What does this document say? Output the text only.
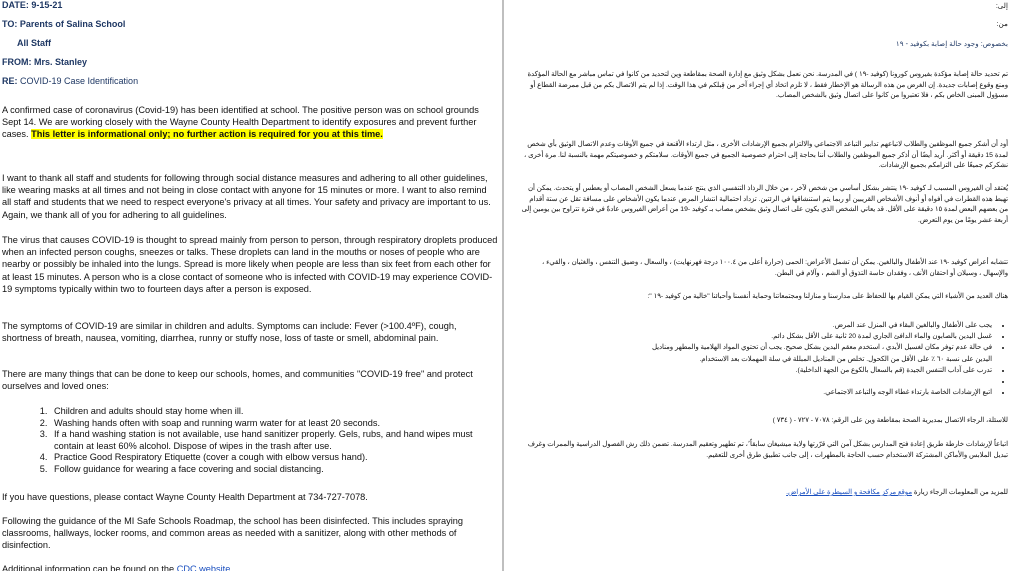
DATE: 9-15-21
TO: Parents of Salina School
All Staff
FROM: Mrs. Stanley
RE: COVID-19 Case Identification
A confirmed case of coronavirus (Covid-19) has been identified at school. The positive person was on school grounds Sept 14. We are working closely with the Wayne County Health Department to identify exposures and prevent further cases. This letter is informational only; no further action is required for you at this time.
I want to thank all staff and students for following through social distance measures and adhering to all other guidelines, like wearing masks at all times and not being in close contact with anyone for 15 minutes or more. I want to also remind all staff and students that we need to respect everyone's privacy at all times. Your safety and privacy are important to us. Again, we thank all of you for adhering to all guidelines.
The virus that causes COVID-19 is thought to spread mainly from person to person, through respiratory droplets produced when an infected person coughs, sneezes or talks. These droplets can land in the mouths or noses of people who are nearby or possibly be inhaled into the lungs. Spread is more likely when people are less than six feet from each other for at least 15 minutes. A person who is a close contact of someone who is infected with COVID-19 may experience COVID-19 symptoms typically within two to fourteen days after a person is exposed.
The symptoms of COVID-19 are similar in children and adults. Symptoms can include: Fever (>100.4ºF), cough, shortness of breath, nausea, vomiting, diarrhea, runny or stuffy nose, loss of taste or smell, abdominal pain.
There are many things that can be done to keep our schools, homes, and communities "COVID-19 free" and protect ourselves and loved ones:
1. Children and adults should stay home when ill.
2. Washing hands often with soap and running warm water for at least 20 seconds.
3. If a hand washing station is not available, use hand sanitizer properly. Gels, rubs, and hand wipes must contain at least 60% alcohol. Dispose of wipes in the trash after use.
4. Practice Good Respiratory Etiquette (cover a cough with elbow versus hand).
5. Follow guidance for wearing a face covering and social distancing.
If you have questions, please contact Wayne County Health Department at 734-727-7078.
Following the guidance of the MI Safe Schools Roadmap, the school has been disinfected. This includes spraying classrooms, hallways, locker rooms, and common areas as needed with a sanitizer, along with other methods of disinfection.
Additional information can be found on the CDC website
إلى:
من:
بخصوص: وجود حالة إصابة بكوفيد - ١٩
تم تحديد حالة إصابة مؤكدة بفيروس كورونا (كوفيد -١٩ ) في المدرسة. نحن نعمل بشكل وثيق مع إدارة الصحة بمقاطعة وين لتحديد من كانوا في تماس مباشر مع الحالة المؤكدة ومنع وقوع إصابات جديدة. إن الغرض من هذه الرسالة هو الإخطار فقط ، لا تلزم اتخاذ أي إجراء آخر من قِبلكم في هذا الوقت. إذا لم يتم الاتصال بكم من قبل ممرضة القطاع أو مسؤول المبنى الخاص بكم ، فلا تعتبروا من كانوا على اتصال وثيق بالشخص المصاب.
أود أن أشكر جميع الموظفين والطلاب لاتباعهم تدابير التباعد الاجتماعي والالتزام بجميع الإرشادات الأخرى ، مثل ارتداء الأقنعة في جميع الأوقات وعدم الاتصال الوثيق بأي شخص لمدة 15 دقيقة أو أكثر. أريد أيضًا أن أذكر جميع الموظفين والطلاب أننا بحاجة إلى احترام خصوصية الجميع في جميع الأوقات. سلامتكم و خصوصيتكم مهمة بالنسبة لنا. مرة أخرى ، نشكركم جميعًا على التزامكم بجميع الإرشادات.
يُعتقد أن الفيروس المسبب لـ كوفيد -١٩ ينتشر بشكل أساسي من شخص لآخر ، من خلال الرذاذ التنفسي الذي ينتج عندما يسعل الشخص المصاب أو يعطس أو يتحدث. يمكن أن تهبط هذه القطرات في أفواه أو أنوف الأشخاص القريبين أو ربما يتم استنشاقها في الرئتين. تزداد احتمالية انتشار المرض عندما يكون الأشخاص على مسافة تقل عن ستة أقدام من بعضهم البعض لمدة ١٥ دقيقة على الأقل. قد يعاني الشخص الذي يكون على اتصال وثيق بشخص مصاب بـ كوفيد -19 من أعراض الفيروس عادةً في فترة تتراوح بين يومين إلى أربعة عشر يومًا من يوم التعرض.
تتشابه أعراض كوفيد -١٩ عند الأطفال والبالغين. يمكن أن تشمل الأعراض: الحمى (حرارة أعلى من ١٠٠.٤ درجة فهرنهايت) ، والسعال ، وضيق التنفس ، والغثيان ، والقيء ، والإسهال ، وسيلان أو احتقان الأنف ، وفقدان حاسة التذوق أو الشم ، وآلام في البطن.
هناك العديد من الأشياء التي يمكن القيام بها للحفاظ على مدارسنا و منازلنا ومجتمعاتنا وحماية أنفسنا وأحبائنا "خالية من كوفيد -١٩ ":
• يجب على الأطفال والبالغين البقاء في المنزل عند المرض.
• غسل اليدين بالصابون والماء الدافئ الجاري لمدة 20 ثانية على الأقل بشكل دائم.
• في حالة عدم توفر مكان لغسيل الأيدي ، استخدم معقم اليدين بشكل صحيح. يجب أن تحتوي المواد الهلامية والمطهر ومناديل اليدين على نسبة ٦٠ ٪ على الأقل من الكحول. تخلص من المناديل المبللة في سلة المهملات بعد الاستخدام.
• تدرب على آداب التنفس الجيدة (قم بالسعال بالكوع من الجهة الداخلية).
•
• اتبع الإرشادات الخاصة بارتداء غطاء الوجه والتباعد الاجتماعي.
للاسئلة، الرجاء الاتصال بمديرية الصحة بمقاطعة وين على الرقم: ٧٠٧٨ - ٧٢٧ - ( ٧٣٤ )
اتباعاً لإرشادات خارطة طريق إعادة فتح المدارس بشكل آمن التي قرّرتها ولاية ميشيغان سابقاً٬، تم تطهير وتعقيم المدرسة. تضمن ذلك رش الفصول الدراسية والممرات وغرف تبديل الملابس والأماكن المشتركة الاستخدام حسب الحاجة بالمطهرات ، إلى جانب تطبيق طرق أخرى للتعقيم.
للمزيد من المعلومات الرجاء زيارة موقع مركز مكافحة و السيطرة على الأمراض.
